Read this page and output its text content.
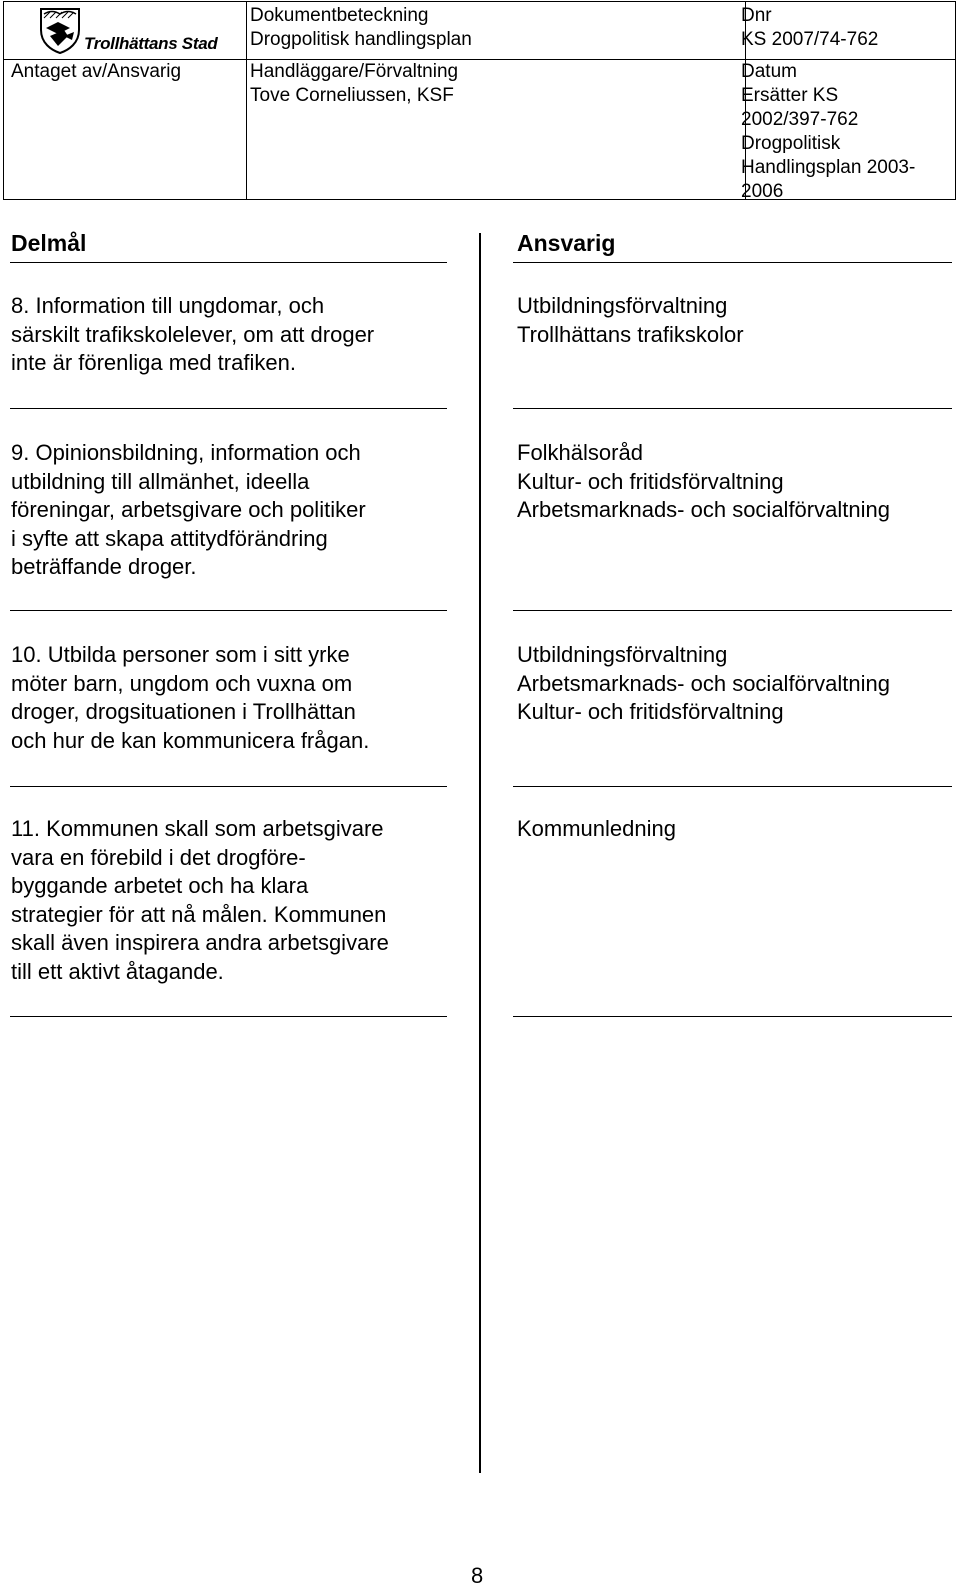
Trollhättans Stad
Dokumentbeteckning
Drogpolitisk handlingsplan
Dnr
KS 2007/74-762
Antaget av/Ansvarig	Handläggare/Förvaltning
Tove Corneliussen, KSF
Datum
Ersätter KS
2002/397-762
Drogpolitisk
Handlingsplan 2003-
2006
Delmål	Ansvarig
8. Information till ungdomar, och
särskilt trafikskolelever, om att droger
inte är förenliga med trafiken.
Utbildningsförvaltning
Trollhättans trafikskolor
9. Opinionsbildning, information och
utbildning till allmänhet, ideella
föreningar, arbetsgivare och politiker
i syfte att skapa attitydförändring
beträffande droger.
Folkhälsoråd
Kultur- och fritidsförvaltning
Arbetsmarknads- och socialförvaltning
10. Utbilda personer som i sitt yrke
möter barn, ungdom och vuxna om
droger, drogsituationen i Trollhättan
och hur de kan kommunicera frågan.
Utbildningsförvaltning
Arbetsmarknads- och socialförvaltning
Kultur- och fritidsförvaltning
11. Kommunen skall som arbetsgivare
vara en förebild i det drogföre-
byggande arbetet och ha klara
strategier för att nå målen. Kommunen
skall även inspirera andra arbetsgivare
till ett aktivt åtagande.
Kommunledning
8
